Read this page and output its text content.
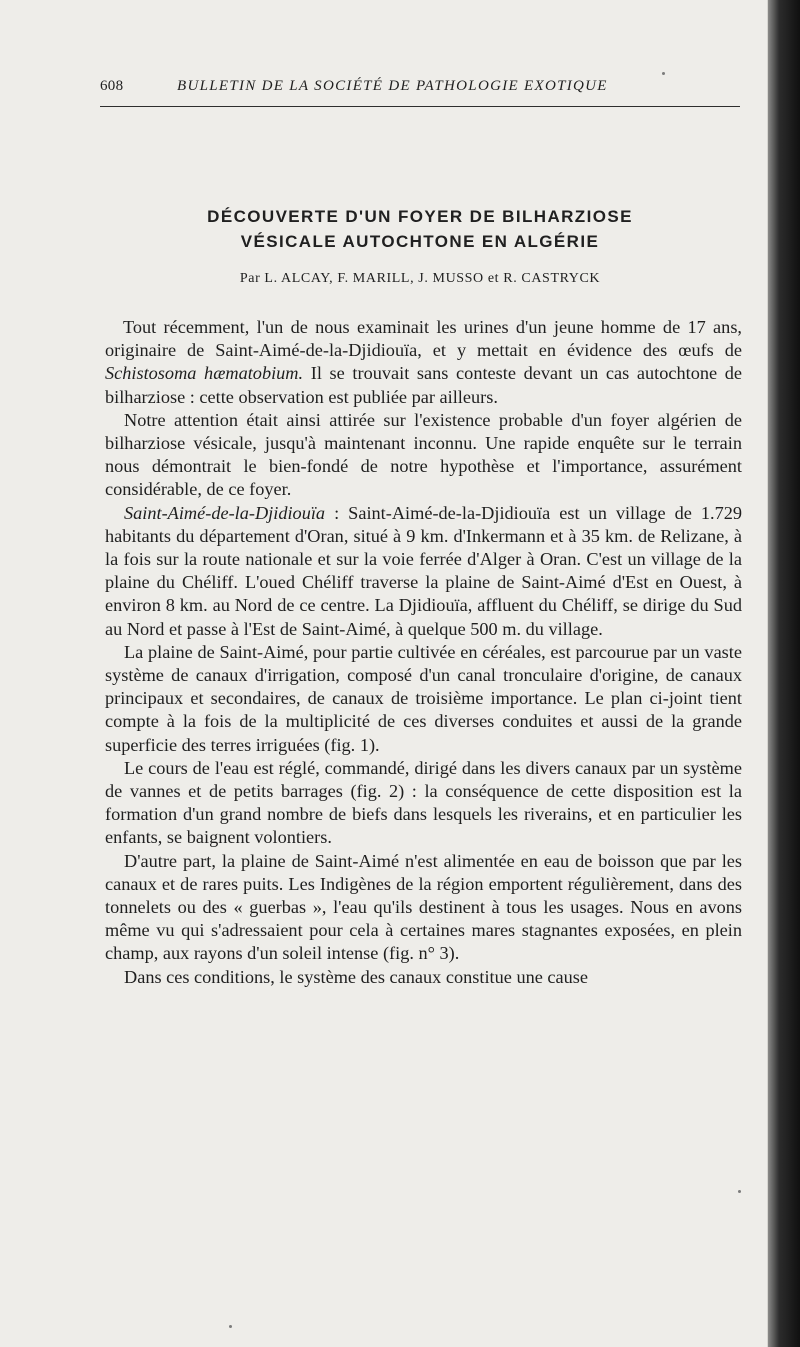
608	BULLETIN DE LA SOCIÉTÉ DE PATHOLOGIE EXOTIQUE
DÉCOUVERTE D'UN FOYER DE BILHARZIOSE
VÉSICALE AUTOCHTONE EN ALGÉRIE
Par L. ALCAY, F. MARILL, J. MUSSO et R. CASTRYCK

Tout récemment, l'un de nous examinait les urines d'un jeune homme de 17 ans, originaire de Saint-Aimé-de-la-Djidiouïa, et y mettait en évidence des œufs de Schistosoma hæmatobium. Il se trouvait sans conteste devant un cas autochtone de bilharziose : cette observation est publiée par ailleurs.

Notre attention était ainsi attirée sur l'existence probable d'un foyer algérien de bilharziose vésicale, jusqu'à maintenant inconnu. Une rapide enquête sur le terrain nous démontrait le bien-fondé de notre hypothèse et l'importance, assurément considérable, de ce foyer.

Saint-Aimé-de-la-Djidiouïa : Saint-Aimé-de-la-Djidiouïa est un village de 1.729 habitants du département d'Oran, situé à 9 km. d'Inkermann et à 35 km. de Relizane, à la fois sur la route nationale et sur la voie ferrée d'Alger à Oran. C'est un village de la plaine du Chéliff. L'oued Chéliff traverse la plaine de Saint-Aimé d'Est en Ouest, à environ 8 km. au Nord de ce centre. La Djidiouïa, affluent du Chéliff, se dirige du Sud au Nord et passe à l'Est de Saint-Aimé, à quelque 500 m. du village.

La plaine de Saint-Aimé, pour partie cultivée en céréales, est parcourue par un vaste système de canaux d'irrigation, composé d'un canal tronculaire d'origine, de canaux principaux et secondaires, de canaux de troisième importance. Le plan ci-joint tient compte à la fois de la multiplicité de ces diverses conduites et aussi de la grande superficie des terres irriguées (fig. 1).

Le cours de l'eau est réglé, commandé, dirigé dans les divers canaux par un système de vannes et de petits barrages (fig. 2) : la conséquence de cette disposition est la formation d'un grand nombre de biefs dans lesquels les riverains, et en particulier les enfants, se baignent volontiers.

D'autre part, la plaine de Saint-Aimé n'est alimentée en eau de boisson que par les canaux et de rares puits. Les Indigènes de la région emportent régulièrement, dans des tonnelets ou des « guerbas », l'eau qu'ils destinent à tous les usages. Nous en avons même vu qui s'adressaient pour cela à certaines mares stagnantes exposées, en plein champ, aux rayons d'un soleil intense (fig. n° 3).

Dans ces conditions, le système des canaux constitue une cause
